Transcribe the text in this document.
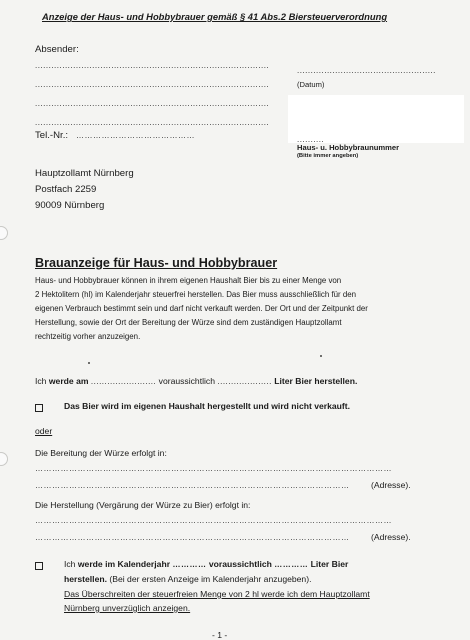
Anzeige der Haus- und Hobbybrauer gemäß § 41 Abs.2 Biersteuerverordnung
Absender:
......................................................................................
......................................................................................
......................................................................................
......................................................................................
Tel.-Nr.: ……………………………………
...................................................
(Datum)
..........
Haus- u. Hobbybraunummer
(Bitte immer angeben)
Hauptzollamt Nürnberg
Postfach 2259
90009 Nürnberg
Brauanzeige für Haus- und Hobbybrauer
Haus- und Hobbybrauer können in ihrem eigenen Haushalt Bier bis zu einer Menge von
2 Hektolitern (hl) im Kalenderjahr steuerfrei herstellen. Das Bier muss ausschließlich für den
eigenen Verbrauch bestimmt sein und darf nicht verkauft werden. Der Ort und der Zeitpunkt der
Herstellung, sowie der Ort der Bereitung der Würze sind dem zuständigen Hauptzollamt
rechtzeitig vorher anzuzeigen.
Ich werde am ........................ voraussichtlich .................... Liter Bier herstellen.
Das Bier wird im eigenen Haushalt hergestellt und wird nicht verkauft.
oder
Die Bereitung der Würze erfolgt in:
………………………………………………………………………………………………………………
…………………………………………………………………………………………………	(Adresse).
Die Herstellung (Vergärung der Würze zu Bier) erfolgt in:
………………………………………………………………………………………………………………
…………………………………………………………………………………………………	(Adresse).
Ich werde im Kalenderjahr ………… voraussichtlich ………… Liter Bier
herstellen. (Bei der ersten Anzeige im Kalenderjahr anzugeben).
Das Überschreiten der steuerfreien Menge von 2 hl werde ich dem Hauptzollamt
Nürnberg unverzüglich anzeigen.
- 1 -
